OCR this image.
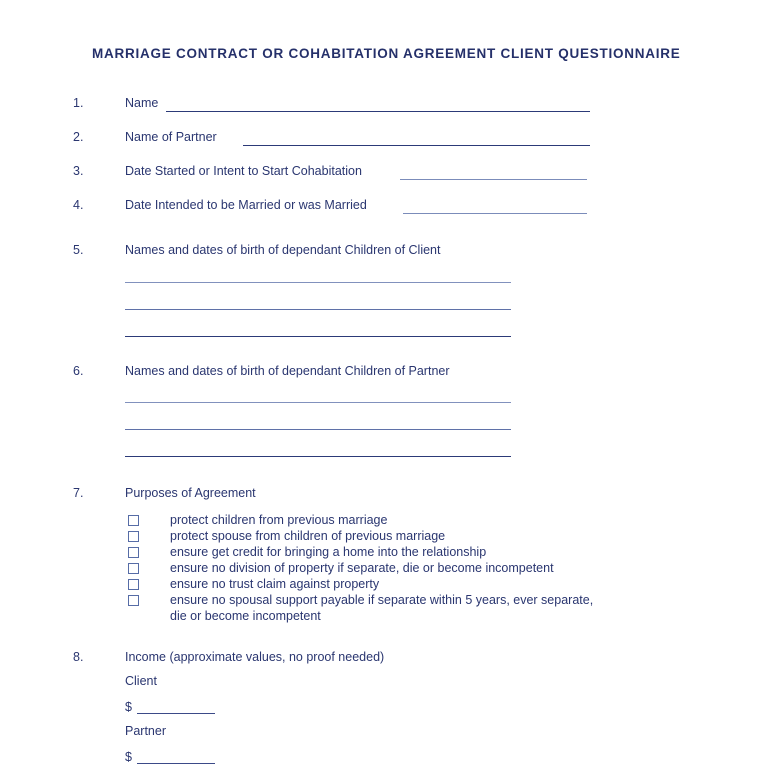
MARRIAGE CONTRACT OR COHABITATION AGREEMENT CLIENT QUESTIONNAIRE
1.	Name
2.	Name of Partner
3.	Date Started or Intent to Start Cohabitation
4.	Date Intended to be Married or was Married
5.	Names and dates of birth of dependant Children of Client
6.	Names and dates of birth of dependant Children of Partner
7.	Purposes of Agreement
protect children from previous marriage
protect spouse from children of previous marriage
ensure get credit for bringing a home into the relationship
ensure no division of property if separate, die or become incompetent
ensure no trust claim against property
ensure no spousal support payable if separate within 5 years, ever separate,
die or become incompetent
8.	Income (approximate values, no proof needed)
Client
$
Partner
$
